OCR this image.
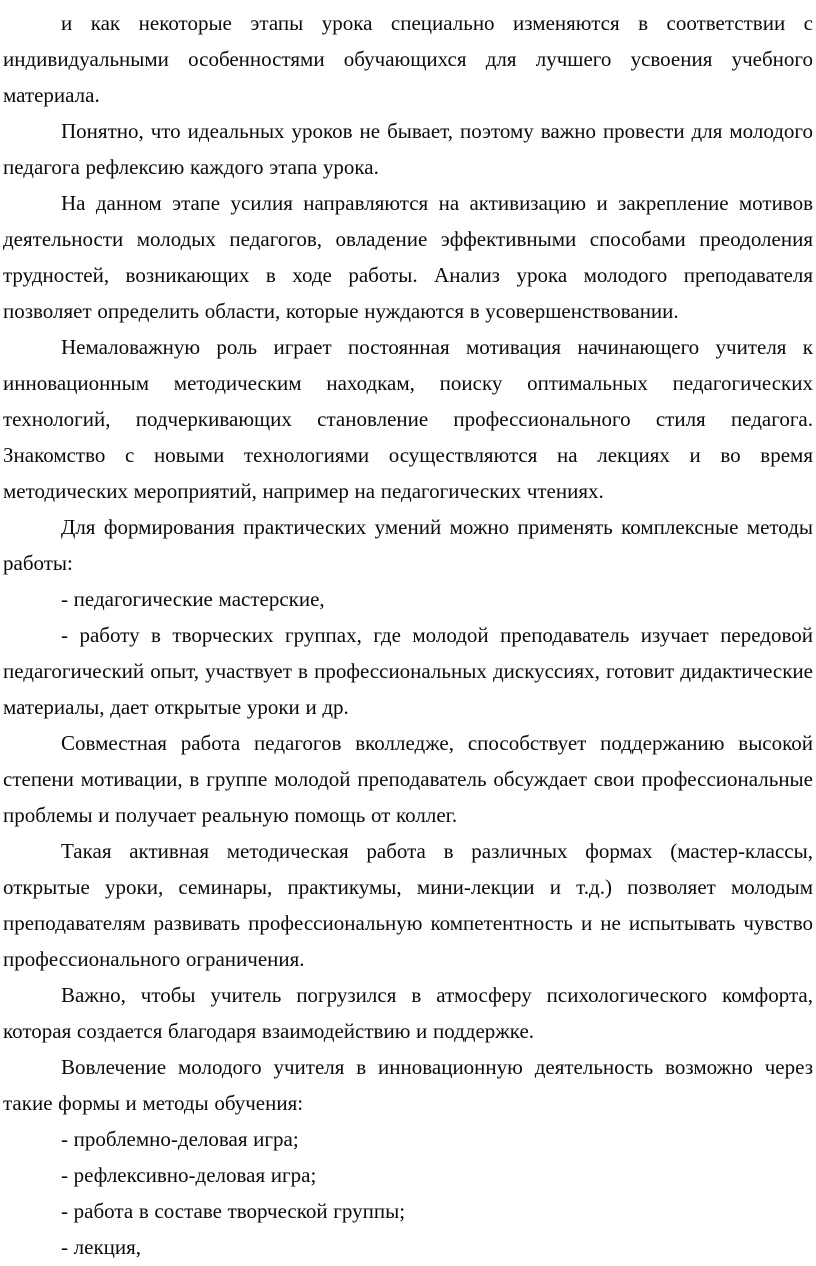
и как некоторые этапы урока специально изменяются в соответствии с индивидуальными особенностями обучающихся для лучшего усвоения учебного материала.

Понятно, что идеальных уроков не бывает, поэтому важно провести для молодого педагога рефлексию каждого этапа урока.

На данном этапе усилия направляются на активизацию и закрепление мотивов деятельности молодых педагогов, овладение эффективными способами преодоления трудностей, возникающих в ходе работы. Анализ урока молодого преподавателя позволяет определить области, которые нуждаются в усовершенствовании.

Немаловажную роль играет постоянная мотивация начинающего учителя к инновационным методическим находкам, поиску оптимальных педагогических технологий, подчеркивающих становление профессионального стиля педагога. Знакомство с новыми технологиями осуществляются на лекциях и во время методических мероприятий, например на педагогических чтениях.

Для формирования практических умений можно применять комплексные методы работы:

- педагогические мастерские,

- работу в творческих группах, где молодой преподаватель изучает передовой педагогический опыт, участвует в профессиональных дискуссиях, готовит дидактические материалы, дает открытые уроки и др.

Совместная работа педагогов вколледже, способствует поддержанию высокой степени мотивации, в группе молодой преподаватель обсуждает свои профессиональные проблемы и получает реальную помощь от коллег.

Такая активная методическая работа в различных формах (мастер-классы, открытые уроки, семинары, практикумы, мини-лекции и т.д.) позволяет молодым преподавателям развивать профессиональную компетентность и не испытывать чувство профессионального ограничения.

Важно, чтобы учитель погрузился в атмосферу психологического комфорта, которая создается благодаря взаимодействию и поддержке.

Вовлечение молодого учителя в инновационную деятельность возможно через такие формы и методы обучения:

- проблемно-деловая игра;

- рефлексивно-деловая игра;

- работа в составе творческой группы;

- лекция,
